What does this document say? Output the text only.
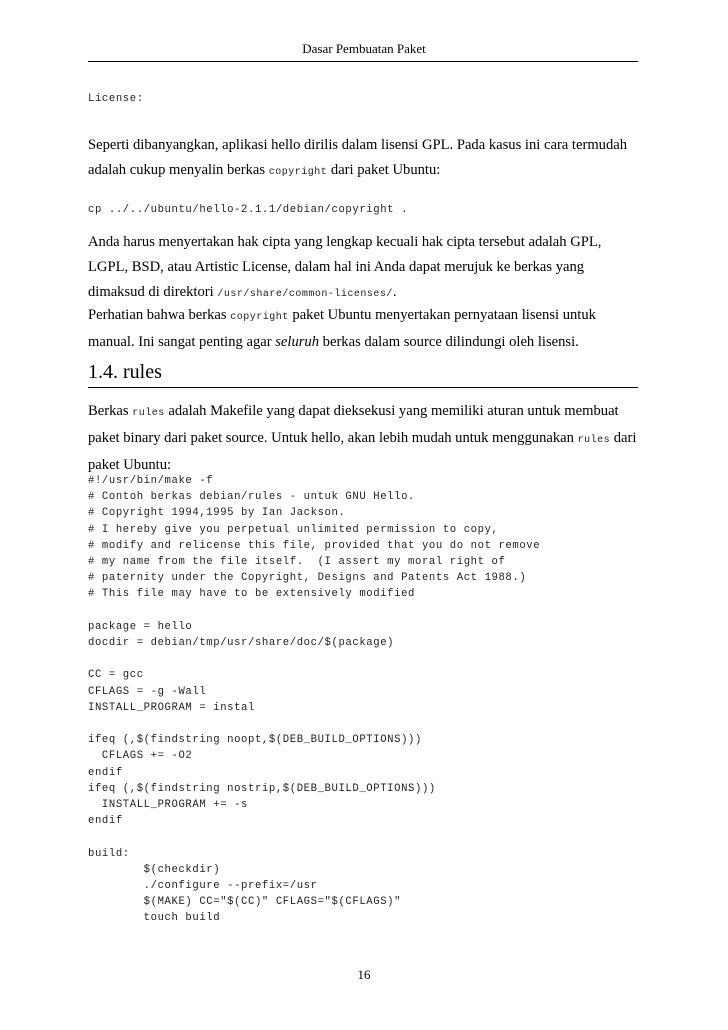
Dasar Pembuatan Paket
License:

Seperti dibanyangkan, aplikasi hello dirilis dalam lisensi GPL. Pada kasus ini cara termudah adalah cukup menyalin berkas copyright dari paket Ubuntu:

cp ../../ubuntu/hello-2.1.1/debian/copyright .

Anda harus menyertakan hak cipta yang lengkap kecuali hak cipta tersebut adalah GPL, LGPL, BSD, atau Artistic License, dalam hal ini Anda dapat merujuk ke berkas yang dimaksud di direktori /usr/share/common-licenses/.

Perhatian bahwa berkas copyright paket Ubuntu menyertakan pernyataan lisensi untuk manual. Ini sangat penting agar seluruh berkas dalam source dilindungi oleh lisensi.

1.4. rules

Berkas rules adalah Makefile yang dapat dieksekusi yang memiliki aturan untuk membuat paket binary dari paket source. Untuk hello, akan lebih mudah untuk menggunakan rules dari paket Ubuntu:

#!/usr/bin/make -f
# Contoh berkas debian/rules - untuk GNU Hello.
# Copyright 1994,1995 by Ian Jackson.
# I hereby give you perpetual unlimited permission to copy,
# modify and relicense this file, provided that you do not remove
# my name from the file itself.  (I assert my moral right of
# paternity under the Copyright, Designs and Patents Act 1988.)
# This file may have to be extensively modified
package = hello
docdir = debian/tmp/usr/share/doc/$(package)
CC = gcc
CFLAGS = -g -Wall
INSTALL_PROGRAM = instal
ifeq (,$(findstring noopt,$(DEB_BUILD_OPTIONS)))
CFLAGS += -O2
endif
ifeq (,$(findstring nostrip,$(DEB_BUILD_OPTIONS)))
INSTALL_PROGRAM += -s
endif
build:
$(checkdir)
./configure --prefix=/usr
$(MAKE) CC="$(CC)" CFLAGS="$(CFLAGS)"
touch build
16
